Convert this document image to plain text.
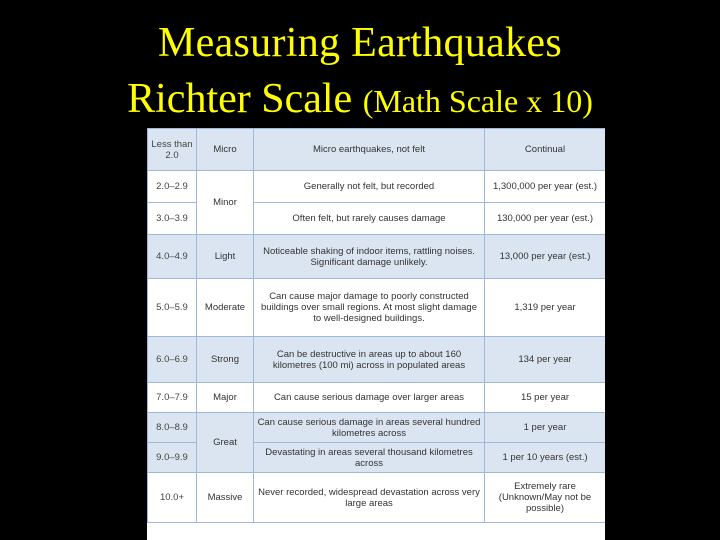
Measuring Earthquakes
Richter Scale (Math Scale x 10)
Less than 2.0	Micro	Micro earthquakes, not felt	Continual
2.0–2.9	Minor	Generally not felt, but recorded	1,300,000 per year (est.)
3.0–3.9		Often felt, but rarely causes damage	130,000 per year (est.)
4.0–4.9	Light	Noticeable shaking of indoor items, rattling noises. Significant damage unlikely.	13,000 per year (est.)
5.0–5.9	Moderate	Can cause major damage to poorly constructed buildings over small regions. At most slight damage to well-designed buildings.	1,319 per year
6.0–6.9	Strong	Can be destructive in areas up to about 160 kilometres (100 mi) across in populated areas	134 per year
7.0–7.9	Major	Can cause serious damage over larger areas	15 per year
8.0–8.9	Great	Can cause serious damage in areas several hundred kilometres across	1 per year
9.0–9.9		Devastating in areas several thousand kilometres across	1 per 10 years (est.)
10.0+	Massive	Never recorded, widespread devastation across very large areas	Extremely rare (Unknown/May not be possible)
